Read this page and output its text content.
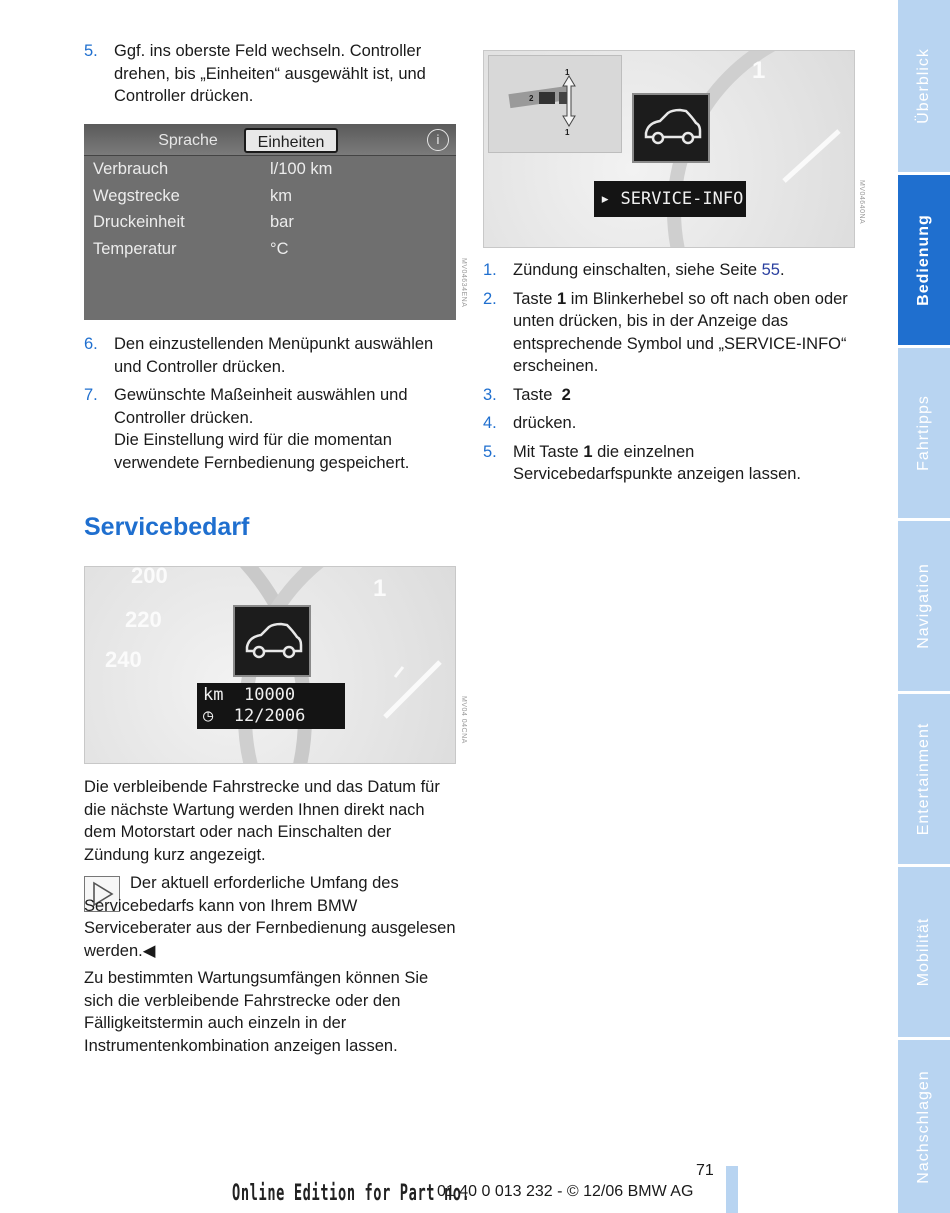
5. Ggf. ins oberste Feld wechseln. Controller drehen, bis „Einheiten“ ausgewählt ist, und Controller drücken.
Sprache	Einheiten	i
Verbrauch	l/100 km
Wegstrecke	km
Druckeinheit	bar
Temperatur	°C
MV04634ENA
6. Den einzustellenden Menüpunkt auswählen und Controller drücken.
7. Gewünschte Maßeinheit auswählen und Controller drücken.
Die Einstellung wird für die momentan verwendete Fernbedienung gespeichert.
Servicebedarf
200
220
240
1
km 10000
◷ 12/2006	MV04 04CNA
Die verbleibende Fahrstrecke und das Datum für die nächste Wartung werden Ihnen direkt nach dem Motorstart oder nach Einschalten der Zündung kurz angezeigt.
Der aktuell erforderliche Umfang des Servicebedarfs kann von Ihrem BMW Serviceberater aus der Fernbedienung ausgelesen werden.◀
Zu bestimmten Wartungsumfängen können Sie sich die verbleibende Fahrstrecke oder den Fälligkeitstermin auch einzeln in der Instrumentenkombination anzeigen lassen.
1
1
2
1
▸ SERVICE-INFO	MV04640NA
1. Zündung einschalten, siehe Seite 55.
2. Taste 1 im Blinkerhebel so oft nach oben oder unten drücken, bis in der Anzeige das entsprechende Symbol und „SERVICE-INFO“ erscheinen.
3. Taste  2
4. drücken.
5. Mit Taste 1 die einzelnen Servicebedarfspunkte anzeigen lassen.
Überblick
Bedienung
Fahrtipps
Navigation
Entertainment
Mobilität
Nachschlagen
71
Online Edition for Part no.
01 40 0 013 232 - © 12/06 BMW AG
